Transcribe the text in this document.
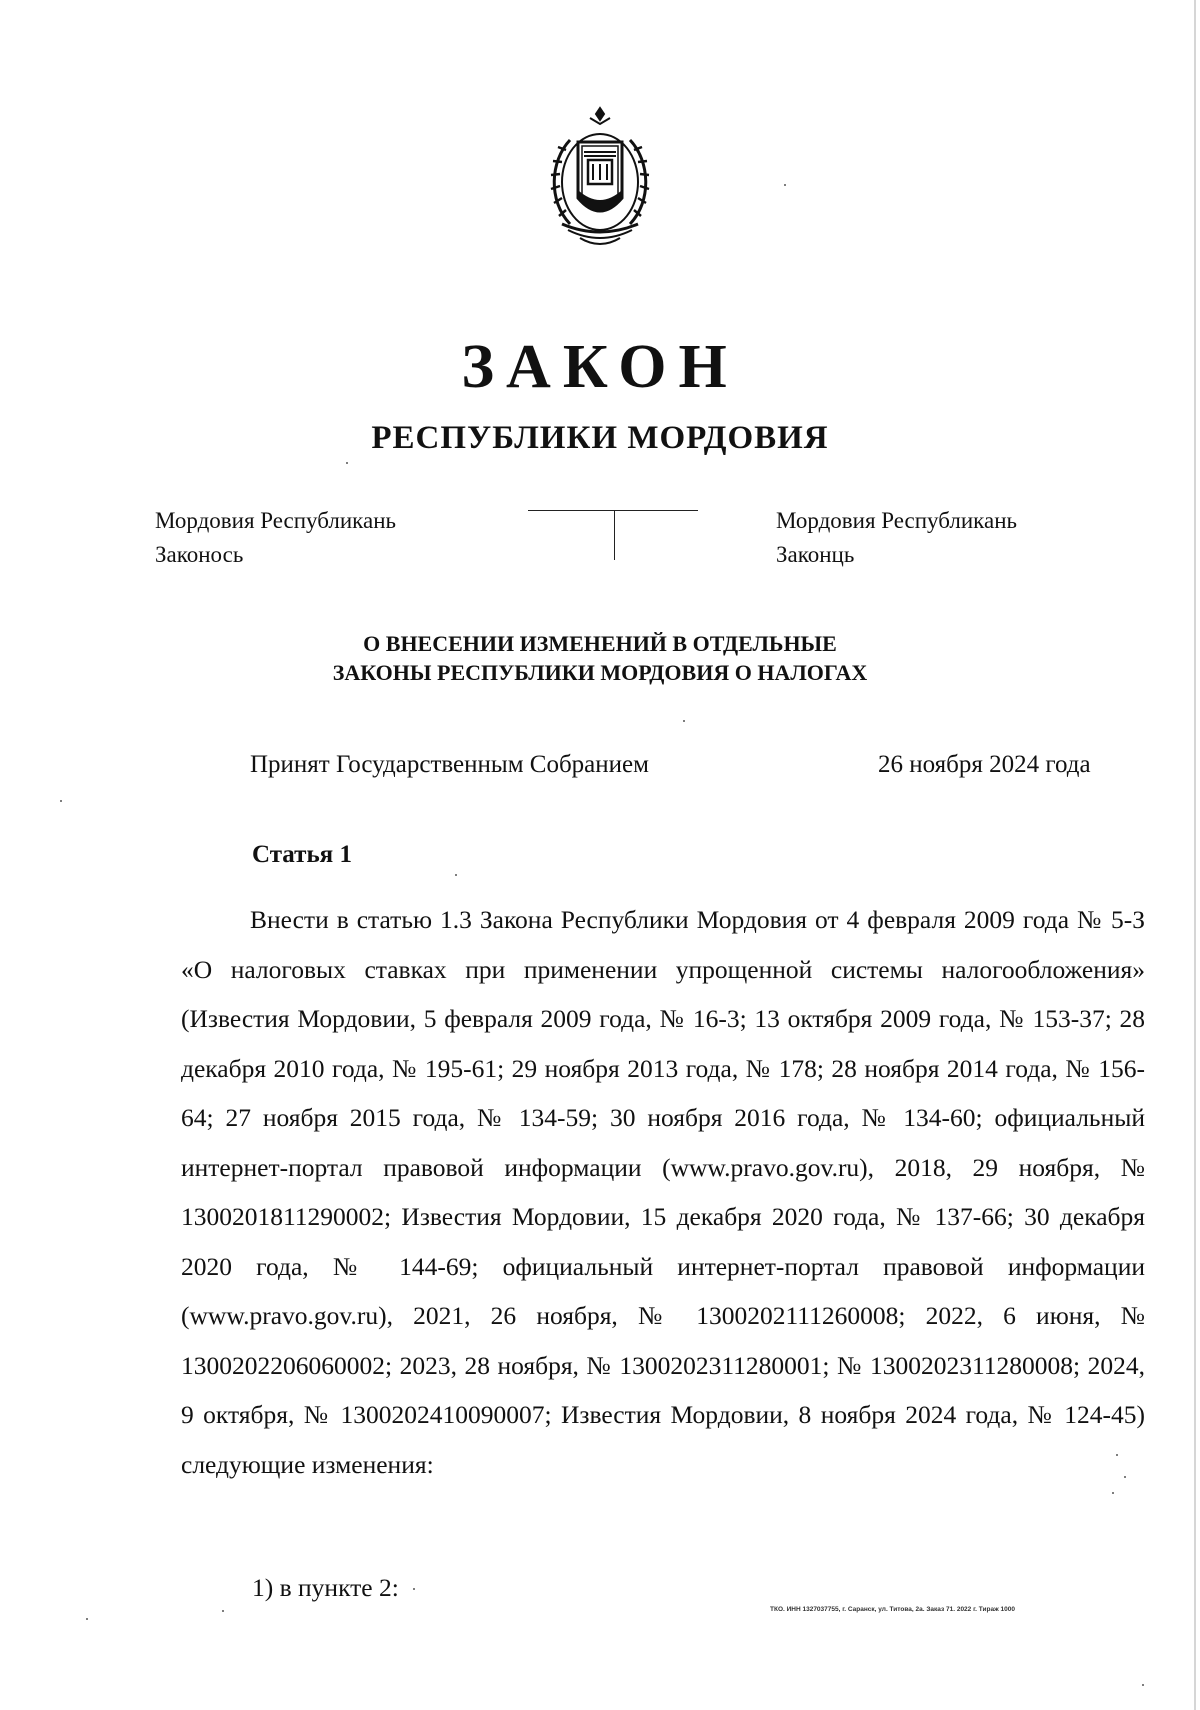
ЗАКОН
РЕСПУБЛИКИ МОРДОВИЯ
Мордовия Республикань
Законось
Мордовия Республикань
Законць
О ВНЕСЕНИИ ИЗМЕНЕНИЙ В ОТДЕЛЬНЫЕ
ЗАКОНЫ РЕСПУБЛИКИ МОРДОВИЯ О НАЛОГАХ
Принят Государственным Собранием	26 ноября 2024 года
Статья 1

Внести в статью 1.3 Закона Республики Мордовия от 4 февраля 2009 года № 5-З «О налоговых ставках при применении упрощенной системы налогообложения» (Известия Мордовии, 5 февраля 2009 года, № 16-3; 13 октября 2009 года, № 153-37; 28 декабря 2010 года, № 195-61; 29 ноября 2013 года, № 178; 28 ноября 2014 года, № 156-64; 27 ноября 2015 года, № 134-59; 30 ноября 2016 года, № 134-60; официальный интернет-портал правовой информации (www.pravo.gov.ru), 2018, 29 ноября, № 1300201811290002; Известия Мордовии, 15 декабря 2020 года, № 137-66; 30 декабря 2020 года, № 144-69; официальный интернет-портал правовой информации (www.pravo.gov.ru), 2021, 26 ноября, № 1300202111260008; 2022, 6 июня, № 1300202206060002; 2023, 28 ноября, № 1300202311280001; № 1300202311280008; 2024, 9 октября, № 1300202410090007; Известия Мордовии, 8 ноября 2024 года, № 124-45) следующие изменения:

1) в пункте 2:
ТКО. ИНН 1327037755, г. Саранск, ул. Титова, 2а. Заказ 71. 2022 г. Тираж 1000
